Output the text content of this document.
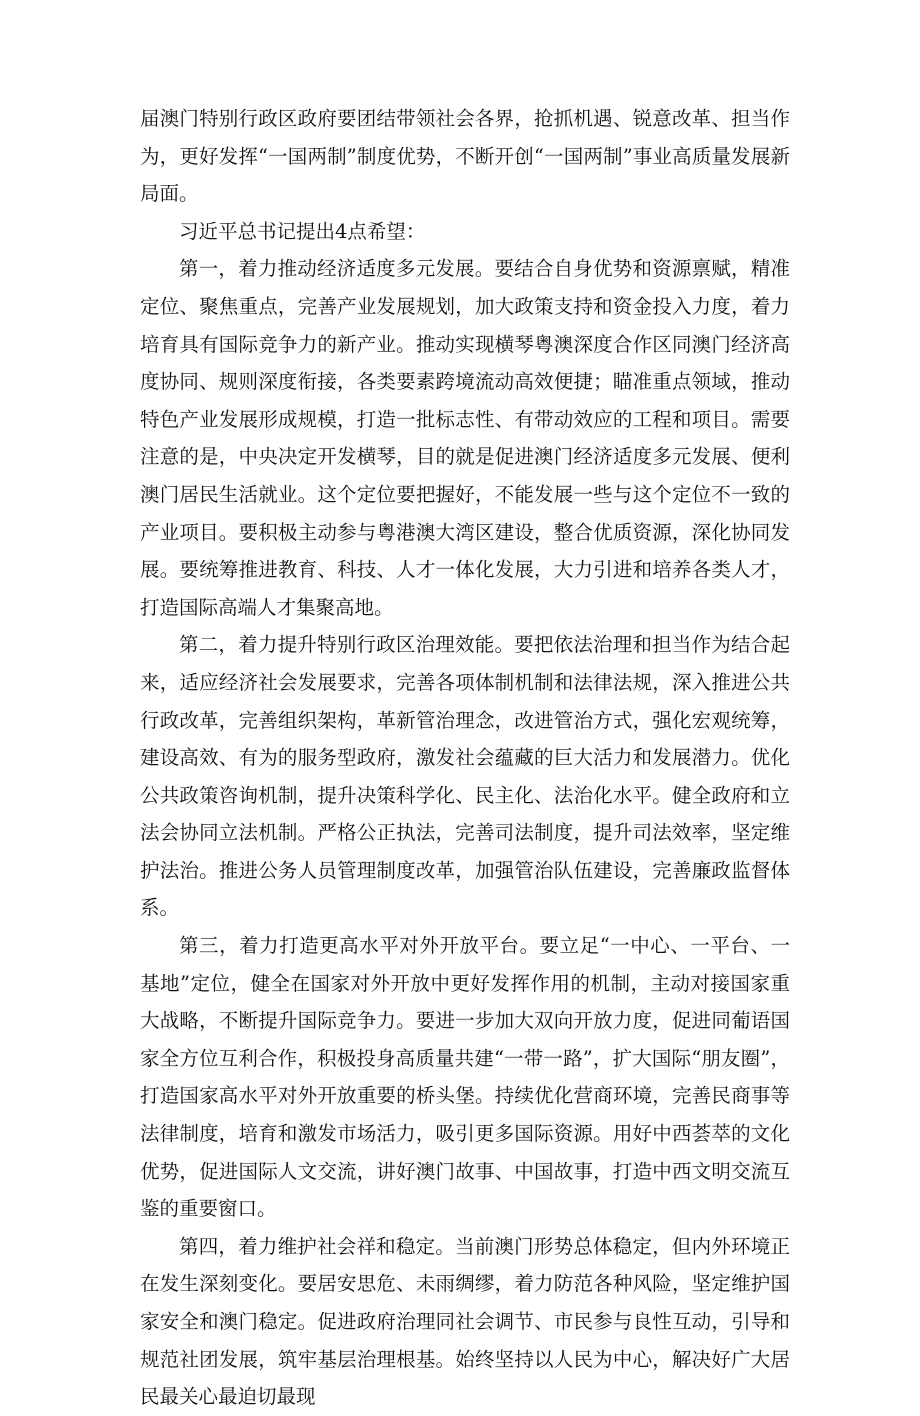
届澳门特别行政区政府要团结带领社会各界，抢抓机遇、锐意改革、担当作为，更好发挥“一国两制”制度优势，不断开创“一国两制”事业高质量发展新局面。

习近平总书记提出4点希望：

第一，着力推动经济适度多元发展。要结合自身优势和资源禀赋，精准定位、聚焦重点，完善产业发展规划，加大政策支持和资金投入力度，着力培育具有国际竞争力的新产业。推动实现横琴粤澳深度合作区同澳门经济高度协同、规则深度衔接，各类要素跨境流动高效便捷；瞄准重点领域，推动特色产业发展形成规模，打造一批标志性、有带动效应的工程和项目。需要注意的是，中央决定开发横琴，目的就是促进澳门经济适度多元发展、便利澳门居民生活就业。这个定位要把握好，不能发展一些与这个定位不一致的产业项目。要积极主动参与粤港澳大湾区建设，整合优质资源，深化协同发展。要统筹推进教育、科技、人才一体化发展，大力引进和培养各类人才，打造国际高端人才集聚高地。

第二，着力提升特别行政区治理效能。要把依法治理和担当作为结合起来，适应经济社会发展要求，完善各项体制机制和法律法规，深入推进公共行政改革，完善组织架构，革新管治理念，改进管治方式，强化宏观统筹，建设高效、有为的服务型政府，激发社会蕴藏的巨大活力和发展潜力。优化公共政策咨询机制，提升决策科学化、民主化、法治化水平。健全政府和立法会协同立法机制。严格公正执法，完善司法制度，提升司法效率，坚定维护法治。推进公务人员管理制度改革，加强管治队伍建设，完善廉政监督体系。

第三，着力打造更高水平对外开放平台。要立足“一中心、一平台、一基地”定位，健全在国家对外开放中更好发挥作用的机制，主动对接国家重大战略，不断提升国际竞争力。要进一步加大双向开放力度，促进同葡语国家全方位互利合作，积极投身高质量共建“一带一路”，扩大国际“朋友圈”，打造国家高水平对外开放重要的桥头堡。持续优化营商环境，完善民商事等法律制度，培育和激发市场活力，吸引更多国际资源。用好中西荟萃的文化优势，促进国际人文交流，讲好澳门故事、中国故事，打造中西文明交流互鉴的重要窗口。

第四，着力维护社会祥和稳定。当前澳门形势总体稳定，但内外环境正在发生深刻变化。要居安思危、未雨绸缪，着力防范各种风险，坚定维护国家安全和澳门稳定。促进政府治理同社会调节、市民参与良性互动，引导和规范社团发展，筑牢基层治理根基。始终坚持以人民为中心，解决好广大居民最关心最迫切最现
